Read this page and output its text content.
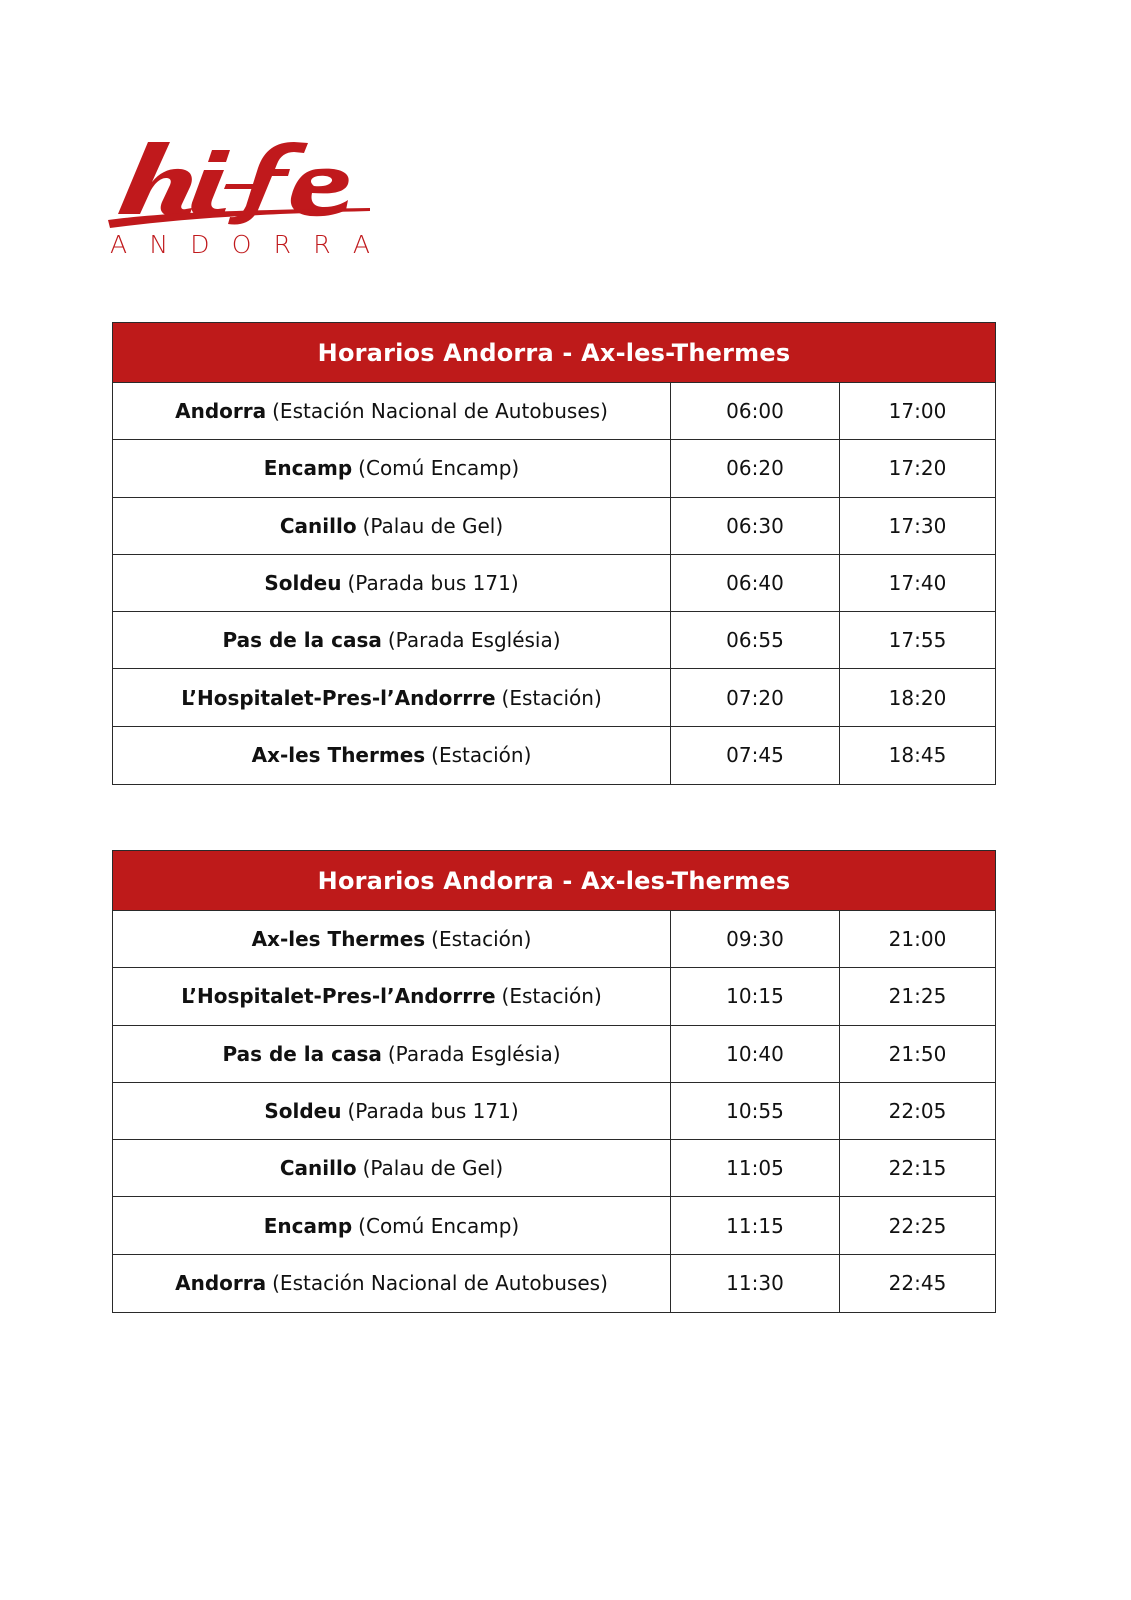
A N D O R R A
Horarios Andorra - Ax-les-Thermes
Andorra (Estación Nacional de Autobuses)	06:00	17:00
Encamp (Comú Encamp)	06:20	17:20
Canillo (Palau de Gel)	06:30	17:30
Soldeu (Parada bus 171)	06:40	17:40
Pas de la casa (Parada Església)	06:55	17:55
L’Hospitalet-Pres-l’Andorrre (Estación)	07:20	18:20
Ax-les Thermes (Estación)	07:45	18:45
Horarios Andorra - Ax-les-Thermes
Ax-les Thermes (Estación)	09:30	21:00
L’Hospitalet-Pres-l’Andorrre (Estación)	10:15	21:25
Pas de la casa (Parada Església)	10:40	21:50
Soldeu (Parada bus 171)	10:55	22:05
Canillo (Palau de Gel)	11:05	22:15
Encamp (Comú Encamp)	11:15	22:25
Andorra (Estación Nacional de Autobuses)	11:30	22:45
